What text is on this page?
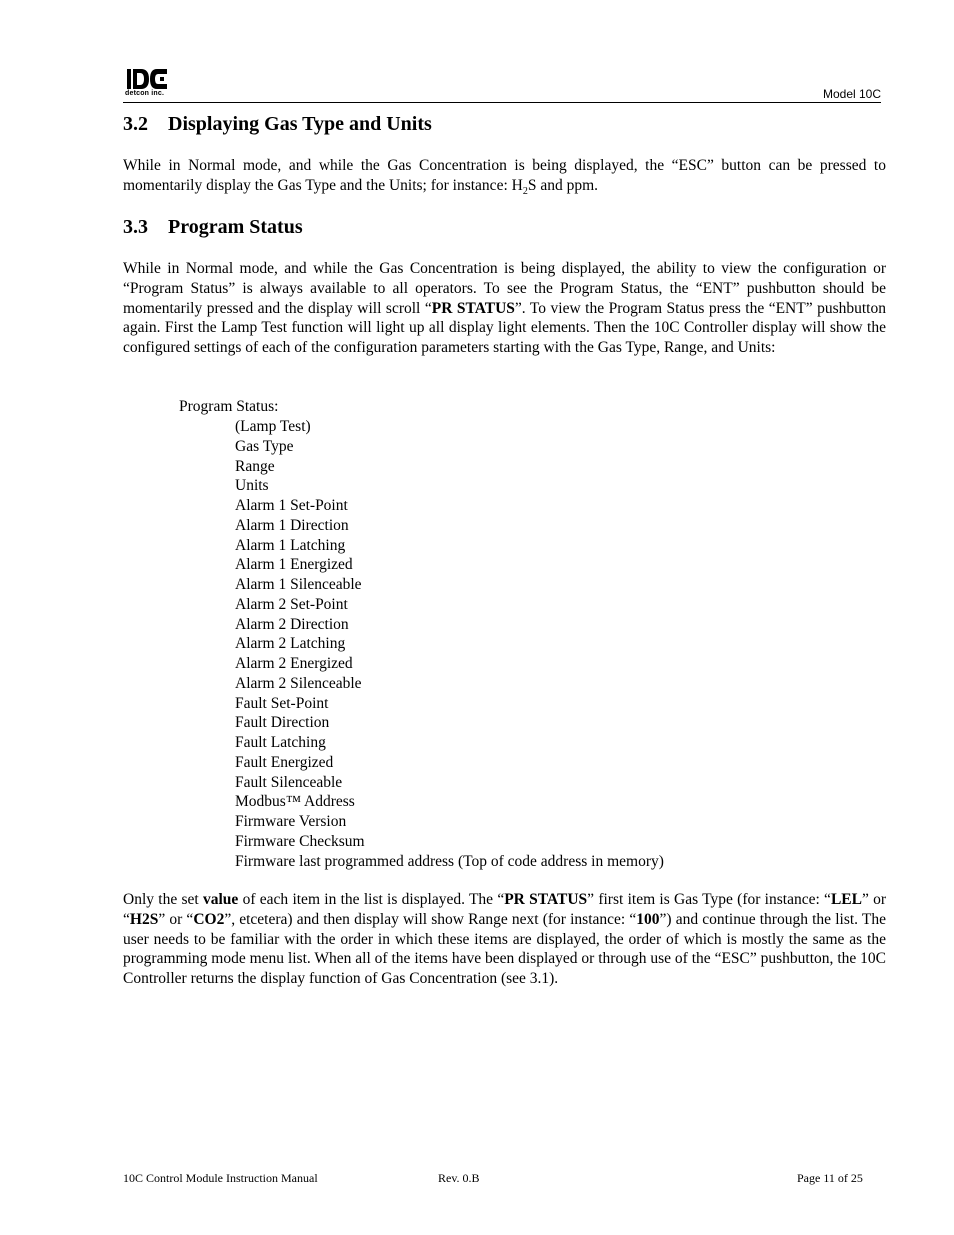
detcon inc.	Model 10C
3.2 Displaying Gas Type and Units

While in Normal mode, and while the Gas Concentration is being displayed, the “ESC” button can be pressed to momentarily display the Gas Type and the Units; for instance: $H_2S$ and ppm.

3.3 Program Status

While in Normal mode, and while the Gas Concentration is being displayed, the ability to view the configuration or “Program Status” is always available to all operators. To see the Program Status, the “ENT” pushbutton should be momentarily pressed and the display will scroll “PR STATUS”. To view the Program Status press the “ENT” pushbutton again. First the Lamp Test function will light up all display light elements. Then the 10C Controller display will show the configured settings of each of the configuration parameters starting with the Gas Type, Range, and Units:

Program Status:
(Lamp Test)
Gas Type
Range
Units
Alarm 1 Set-Point
Alarm 1 Direction
Alarm 1 Latching
Alarm 1 Energized
Alarm 1 Silenceable
Alarm 2 Set-Point
Alarm 2 Direction
Alarm 2 Latching
Alarm 2 Energized
Alarm 2 Silenceable
Fault Set-Point
Fault Direction
Fault Latching
Fault Energized
Fault Silenceable
Modbus™ Address
Firmware Version
Firmware Checksum
Firmware last programmed address (Top of code address in memory)

Only the set value of each item in the list is displayed. The “PR STATUS” first item is Gas Type (for instance: “LEL” or “H2S” or “CO2”, etcetera) and then display will show Range next (for instance: “100”) and continue through the list. The user needs to be familiar with the order in which these items are displayed, the order of which is mostly the same as the programming mode menu list. When all of the items have been displayed or through use of the “ESC” pushbutton, the 10C Controller returns the display function of Gas Concentration (see 3.1).

10C Control Module Instruction Manual	Rev. 0.B	Page 11 of 25
